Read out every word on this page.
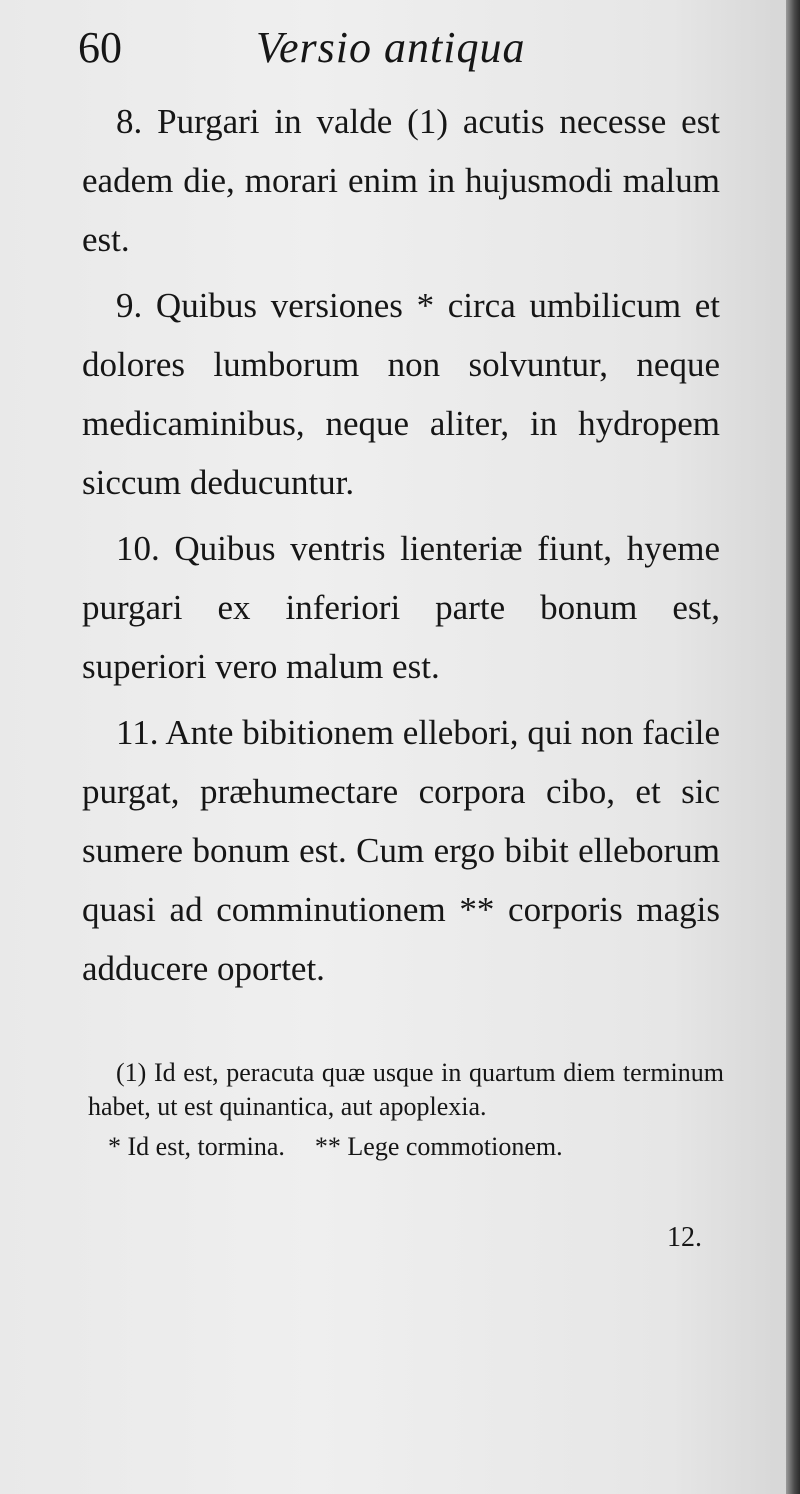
60	Versio antiqua

8. Purgari in valde (1) acutis necesse est eadem die, morari enim in hujusmodi malum est.

9. Quibus versiones * circa umbilicum et dolores lumborum non solvuntur, neque medicaminibus, neque aliter, in hydropem siccum deducuntur.

10. Quibus ventris lienteriæ fiunt, hyeme purgari ex inferiori parte bonum est, superiori vero malum est.

11. Ante bibitionem ellebori, qui non facile purgat, præhumectare corpora cibo, et sic sumere bonum est. Cum ergo bibit elleborum quasi ad comminutionem ** corporis magis adducere oportet.

(1) Id est, peracuta quæ usque in quartum diem terminum habet, ut est quinantica, aut apoplexia.

* Id est, tormina. ** Lege commotionem.

12.
